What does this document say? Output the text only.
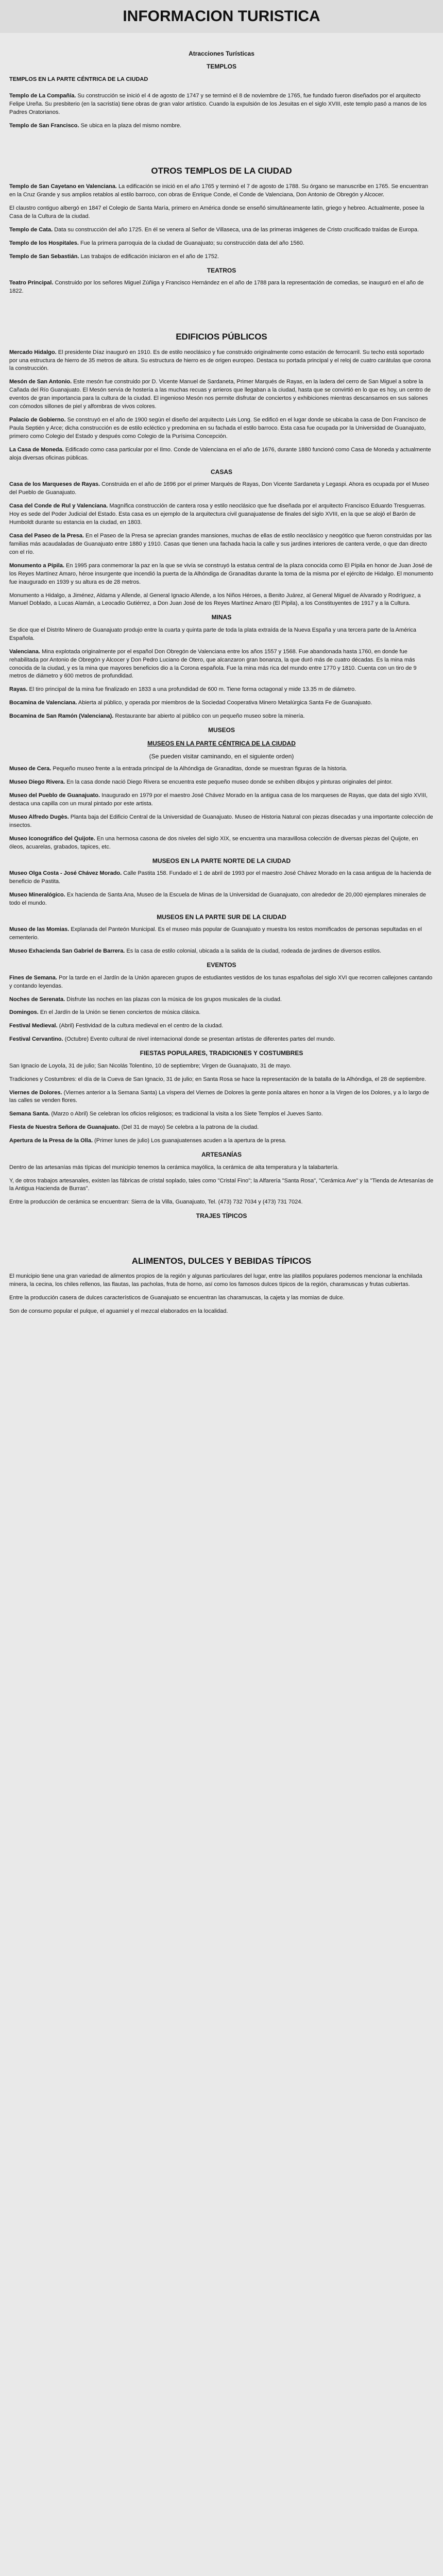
INFORMACION TURISTICA
Atracciones Turísticas
TEMPLOS
TEMPLOS EN LA PARTE CÉNTRICA DE LA CIUDAD

Templo de La Compañía. Su construcción se inició el 4 de agosto de 1747 y se terminó el 8 de noviembre de 1765, fue fundado fueron diseñados por el arquitecto Felipe Ureña. Su presbiterio (en la sacristía) tiene obras de gran valor artístico. Cuando la expulsión de los Jesuitas en el siglo XVIII, este templo pasó a manos de los Padres Oratorianos.

Templo de San Francisco. Se ubica en la plaza del mismo nombre.

OTROS TEMPLOS DE LA CIUDAD

Templo de San Cayetano en Valenciana. La edificación se inició en el año 1765 y terminó el 7 de agosto de 1788. Su órgano se manuscribe en 1765. Se encuentran en la Cruz Grande y sus amplios retablos al estilo barroco, con obras de Enrique Conde, el Conde de Valenciana, Don Antonio de Obregón y Alcocer.

El claustro contiguo albergó en 1847 el Colegio de Santa María, primero en América donde se enseñó simultáneamente latín, griego y hebreo. Actualmente, posee la Casa de la Cultura de la ciudad.

Templo de Cata. Data su construcción del año 1725. En él se venera al Señor de Villaseca, una de las primeras imágenes de Cristo crucificado traídas de Europa.

Templo de los Hospitales. Fue la primera parroquia de la ciudad de Guanajuato; su construcción data del año 1560.

Templo de San Sebastián. Las trabajos de edificación iniciaron en el año de 1752.

TEATROS

Teatro Principal. Construido por los señores Miguel Zúñiga y Francisco Hernández en el año de 1788 para la representación de comedias, se inauguró en el año de 1822.

EDIFICIOS PÚBLICOS

Mercado Hidalgo. El presidente Díaz inauguró en 1910. Es de estilo neoclásico y fue construido originalmente como estación de ferrocarril. Su techo está soportado por una estructura de hierro de 35 metros de altura. Su estructura de hierro es de origen europeo. Destaca su portada principal y el reloj de cuatro carátulas que corona la construcción.

Mesón de San Antonio. Este mesón fue construido por D. Vicente Manuel de Sardaneta, Primer Marqués de Rayas, en la ladera del cerro de San Miguel a sobre la Cañada del Río Guanajuato. El Mesón servía de hostería a las muchas recuas y arrieros que llegaban a la ciudad, hasta que se convirtió en lo que es hoy, un centro de eventos de gran importancia para la cultura de la ciudad. El ingenioso Mesón nos permite disfrutar de conciertos y exhibiciones mientras descansamos en sus salones con cómodos sillones de piel y alfombras de vivos colores.

Palacio de Gobierno. Se construyó en el año de 1900 según el diseño del arquitecto Luis Long. Se edificó en el lugar donde se ubicaba la casa de Don Francisco de Paula Septién y Arce; dicha construcción es de estilo ecléctico y predomina en su fachada el estilo barroco. Esta casa fue ocupada por la Universidad de Guanajuato, primero como Colegio del Estado y después como Colegio de la Purísima Concepción.

La Casa de Moneda. Edificado como casa particular por el Ilmo. Conde de Valenciana en el año de 1676, durante 1880 funcionó como Casa de Moneda y actualmente aloja diversas oficinas públicas.

CASAS

Casa de los Marqueses de Rayas. Construida en el año de 1696 por el primer Marqués de Rayas, Don Vicente Sardaneta y Legaspi. Ahora es ocupada por el Museo del Pueblo de Guanajuato.

Casa del Conde de Rul y Valenciana. Magnífica construcción de cantera rosa y estilo neoclásico que fue diseñada por el arquitecto Francisco Eduardo Tresguerras. Hoy es sede del Poder Judicial del Estado. Esta casa es un ejemplo de la arquitectura civil guanajuatense de finales del siglo XVIII, en la que se alojó el Barón de Humboldt durante su estancia en la ciudad, en 1803.

Casa del Paseo de la Presa. En el Paseo de la Presa se aprecian grandes mansiones, muchas de ellas de estilo neoclásico y neogótico que fueron construidas por las familias más acaudaladas de Guanajuato entre 1880 y 1910. Casas que tienen una fachada hacia la calle y sus jardines interiores de cantera verde, o que dan directo con el río.

Monumento a Pípila. En 1995 para conmemorar la paz en la que se vivía se construyó la estatua central de la plaza conocida como El Pípila en honor de Juan José de los Reyes Martínez Amaro, héroe insurgente que incendió la puerta de la Alhóndiga de Granaditas durante la toma de la misma por el ejército de Hidalgo. El monumento fue inaugurado en 1939 y su altura es de 28 metros.

Monumento a Hidalgo, a Jiménez, Aldama y Allende, al General Ignacio Allende, a los Niños Héroes, a Benito Juárez, al General Miguel de Alvarado y Rodríguez, a Manuel Doblado, a Lucas Alamán, a Leocadio Gutiérrez, a Don Juan José de los Reyes Martínez Amaro (El Pípila), a los Constituyentes de 1917 y a la Cultura.

MINAS

Se dice que el Distrito Minero de Guanajuato produjo entre la cuarta y quinta parte de toda la plata extraída de la Nueva España y una tercera parte de la América Española.

Valenciana. Mina explotada originalmente por el español Don Obregón de Valenciana entre los años 1557 y 1568. Fue abandonada hasta 1760, en donde fue rehabilitada por Antonio de Obregón y Alcocer y Don Pedro Luciano de Otero, que alcanzaron gran bonanza, la que duró más de cuatro décadas. Es la mina más conocida de la ciudad, y es la mina que mayores beneficios dio a la Corona española. Fue la mina más rica del mundo entre 1770 y 1810. Cuenta con un tiro de 9 metros de diámetro y 600 metros de profundidad.

Rayas. El tiro principal de la mina fue finalizado en 1833 a una profundidad de 600 m. Tiene forma octagonal y mide 13.35 m de diámetro.

Bocamina de Valenciana. Abierta al público, y operada por miembros de la Sociedad Cooperativa Minero Metalúrgica Santa Fe de Guanajuato.

Bocamina de San Ramón (Valenciana). Restaurante bar abierto al público con un pequeño museo sobre la minería.

MUSEOS
MUSEOS EN LA PARTE CÉNTRICA DE LA CIUDAD
(Se pueden visitar caminando, en el siguiente orden)

Museo de Cera. Pequeño museo frente a la entrada principal de la Alhóndiga de Granaditas, donde se muestran figuras de la historia.

Museo Diego Rivera. En la casa donde nació Diego Rivera se encuentra este pequeño museo donde se exhiben dibujos y pinturas originales del pintor.

Museo del Pueblo de Guanajuato. Inaugurado en 1979 por el maestro José Chávez Morado en la antigua casa de los marqueses de Rayas, que data del siglo XVIII, destaca una capilla con un mural pintado por este artista.

Museo Alfredo Dugès. Planta baja del Edificio Central de la Universidad de Guanajuato. Museo de Historia Natural con piezas disecadas y una importante colección de insectos.

Museo Iconográfico del Quijote. En una hermosa casona de dos niveles del siglo XIX, se encuentra una maravillosa colección de diversas piezas del Quijote, en óleos, acuarelas, grabados, tapices, etc.

MUSEOS EN LA PARTE NORTE DE LA CIUDAD

Museo Olga Costa - José Chávez Morado. Calle Pastita 158. Fundado el 1 de abril de 1993 por el maestro José Chávez Morado en la casa antigua de la hacienda de beneficio de Pastita.

Museo Mineralógico. Ex hacienda de Santa Ana, Museo de la Escuela de Minas de la Universidad de Guanajuato, con alrededor de 20,000 ejemplares minerales de todo el mundo.

MUSEOS EN LA PARTE SUR DE LA CIUDAD

Museo de las Momias. Explanada del Panteón Municipal. Es el museo más popular de Guanajuato y muestra los restos momificados de personas sepultadas en el cementerio.

Museo Exhacienda San Gabriel de Barrera. Es la casa de estilo colonial, ubicada a la salida de la ciudad, rodeada de jardines de diversos estilos.

EVENTOS

Fines de Semana. Por la tarde en el Jardín de la Unión aparecen grupos de estudiantes vestidos de los tunas españolas del siglo XVI que recorren callejones cantando y contando leyendas.

Noches de Serenata. Disfrute las noches en las plazas con la música de los grupos musicales de la ciudad.

Domingos. En el Jardín de la Unión se tienen conciertos de música clásica.

Festival Medieval. (Abril) Festividad de la cultura medieval en el centro de la ciudad.

Festival Cervantino. (Octubre) Evento cultural de nivel internacional donde se presentan artistas de diferentes partes del mundo.

FIESTAS POPULARES, TRADICIONES Y COSTUMBRES

San Ignacio de Loyola, 31 de julio; San Nicolás Tolentino, 10 de septiembre; Virgen de Guanajuato, 31 de mayo.

Tradiciones y Costumbres: el día de la Cueva de San Ignacio, 31 de julio; en Santa Rosa se hace la representación de la batalla de la Alhóndiga, el 28 de septiembre.

Viernes de Dolores. (Viernes anterior a la Semana Santa) La víspera del Viernes de Dolores la gente ponía altares en honor a la Virgen de los Dolores, y a lo largo de las calles se venden flores.

Semana Santa. (Marzo o Abril) Se celebran los oficios religiosos; es tradicional la visita a los Siete Templos el Jueves Santo.

Fiesta de Nuestra Señora de Guanajuato. (Del 31 de mayo) Se celebra a la patrona de la ciudad.

Apertura de la Presa de la Olla. (Primer lunes de julio) Los guanajuatenses acuden a la apertura de la presa.

ARTESANÍAS

Dentro de las artesanías más típicas del municipio tenemos la cerámica mayólica, la cerámica de alta temperatura y la talabartería.

Y, de otros trabajos artesanales, existen las fábricas de cristal soplado, tales como "Cristal Fino"; la Alfarería "Santa Rosa", "Cerámica Ave" y la "Tienda de Artesanías de la Antigua Hacienda de Burras".

Entre la producción de cerámica se encuentran: Sierra de la Villa, Guanajuato, Tel. (473) 732 7034 y (473) 731 7024.

TRAJES TÍPICOS
ALIMENTOS, DULCES Y BEBIDAS TÍPICOS

El municipio tiene una gran variedad de alimentos propios de la región y algunas particulares del lugar, entre las platillos populares podemos mencionar la enchilada minera, la cecina, los chiles rellenos, las flautas, las pacholas, fruta de horno, así como los famosos dulces típicos de la región, charamuscas y frutas cubiertas.

Entre la producción casera de dulces característicos de Guanajuato se encuentran las charamuscas, la cajeta y las momias de dulce.

Son de consumo popular el pulque, el aguamiel y el mezcal elaborados en la localidad.
